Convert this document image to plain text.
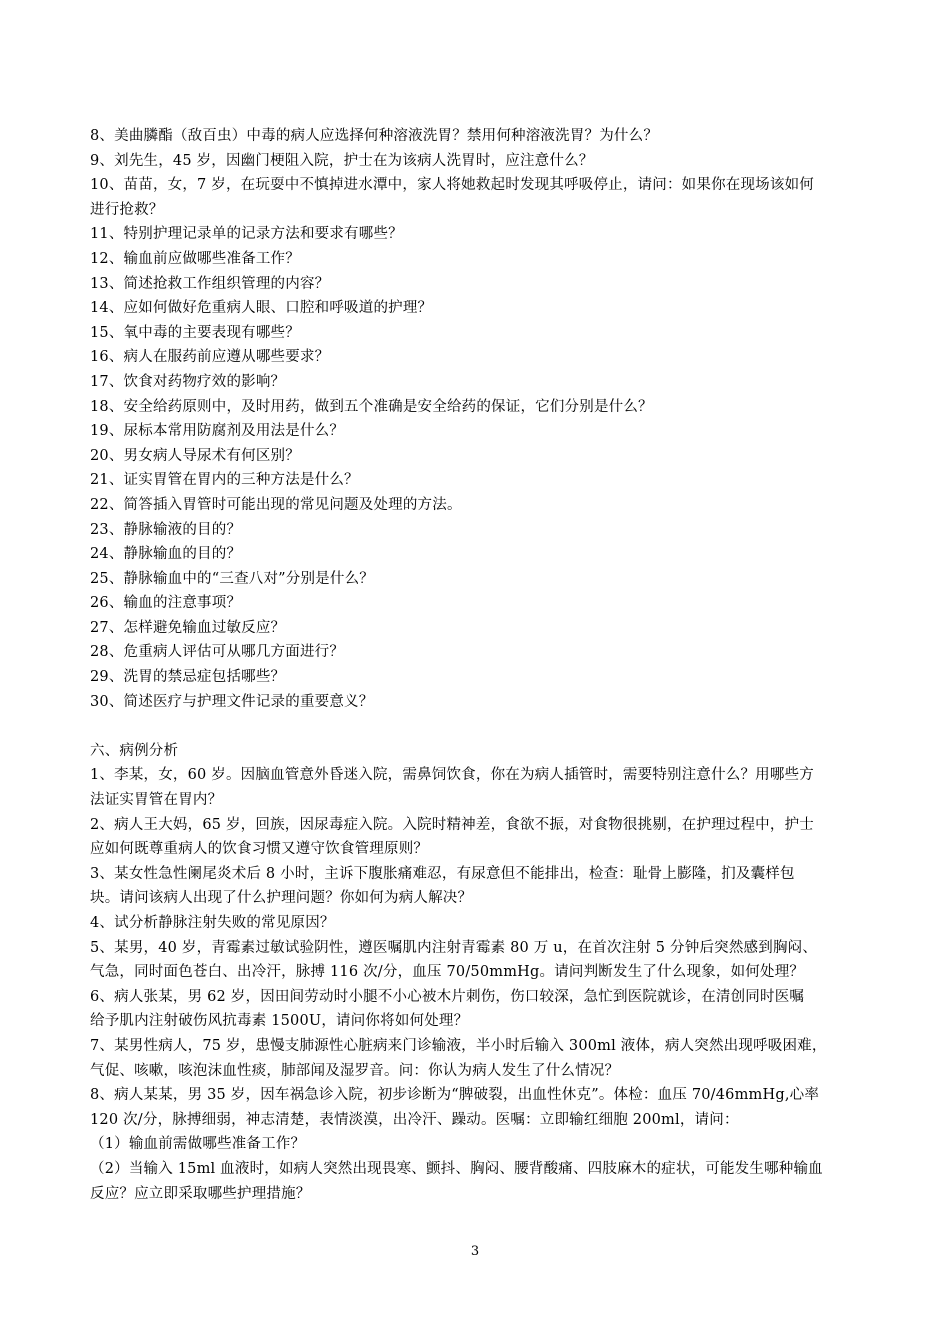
8、美曲膦酯（敌百虫）中毒的病人应选择何种溶液洗胃？禁用何种溶液洗胃？为什么？
9、刘先生，45 岁，因幽门梗阻入院，护士在为该病人洗胃时，应注意什么？
10、苗苗，女，7 岁，在玩耍中不慎掉进水潭中，家人将她救起时发现其呼吸停止，请问：如果你在现场该如何
进行抢救？
11、特别护理记录单的记录方法和要求有哪些？
12、输血前应做哪些准备工作？
13、简述抢救工作组织管理的内容？
14、应如何做好危重病人眼、口腔和呼吸道的护理？
15、氧中毒的主要表现有哪些？
16、病人在服药前应遵从哪些要求？
17、饮食对药物疗效的影响？
18、安全给药原则中，及时用药，做到五个准确是安全给药的保证，它们分别是什么？
19、尿标本常用防腐剂及用法是什么？
20、男女病人导尿术有何区别？
21、证实胃管在胃内的三种方法是什么？
22、简答插入胃管时可能出现的常见问题及处理的方法。
23、静脉输液的目的？
24、静脉输血的目的？
25、静脉输血中的“三查八对”分别是什么？
26、输血的注意事项？
27、怎样避免输血过敏反应？
28、危重病人评估可从哪几方面进行？
29、洗胃的禁忌症包括哪些？
30、简述医疗与护理文件记录的重要意义？
六、病例分析
1、李某，女，60 岁。因脑血管意外昏迷入院，需鼻饲饮食，你在为病人插管时，需要特别注意什么？用哪些方
法证实胃管在胃内？
2、病人王大妈，65 岁，回族，因尿毒症入院。入院时精神差，食欲不振，对食物很挑剔，在护理过程中，护士
应如何既尊重病人的饮食习惯又遵守饮食管理原则？
3、某女性急性阑尾炎术后 8 小时，主诉下腹胀痛难忍，有尿意但不能排出，检查：耻骨上膨隆，扪及囊样包
块。请问该病人出现了什么护理问题？你如何为病人解决？
4、试分析静脉注射失败的常见原因？
5、某男，40 岁，青霉素过敏试验阴性，遵医嘱肌内注射青霉素 80 万 u，在首次注射 5 分钟后突然感到胸闷、
气急，同时面色苍白、出冷汗，脉搏 116 次/分，血压 70/50mmHg。请问判断发生了什么现象，如何处理？
6、病人张某，男 62 岁，因田间劳动时小腿不小心被木片刺伤，伤口较深，急忙到医院就诊，在清创同时医嘱
给予肌内注射破伤风抗毒素 1500U，请问你将如何处理？
7、某男性病人，75 岁，患慢支肺源性心脏病来门诊输液，半小时后输入 300ml 液体，病人突然出现呼吸困难，
气促、咳嗽，咳泡沫血性痰，肺部闻及湿罗音。问：你认为病人发生了什么情况？
8、病人某某，男 35 岁，因车祸急诊入院，初步诊断为“脾破裂，出血性休克”。体检：血压 70/46mmHg,心率
120 次/分，脉搏细弱，神志清楚，表情淡漠，出冷汗、躁动。医嘱：立即输红细胞 200ml，请问：
（1）输血前需做哪些准备工作？
（2）当输入 15ml 血液时，如病人突然出现畏寒、颤抖、胸闷、腰背酸痛、四肢麻木的症状，可能发生哪种输血
反应？应立即采取哪些护理措施？
3
